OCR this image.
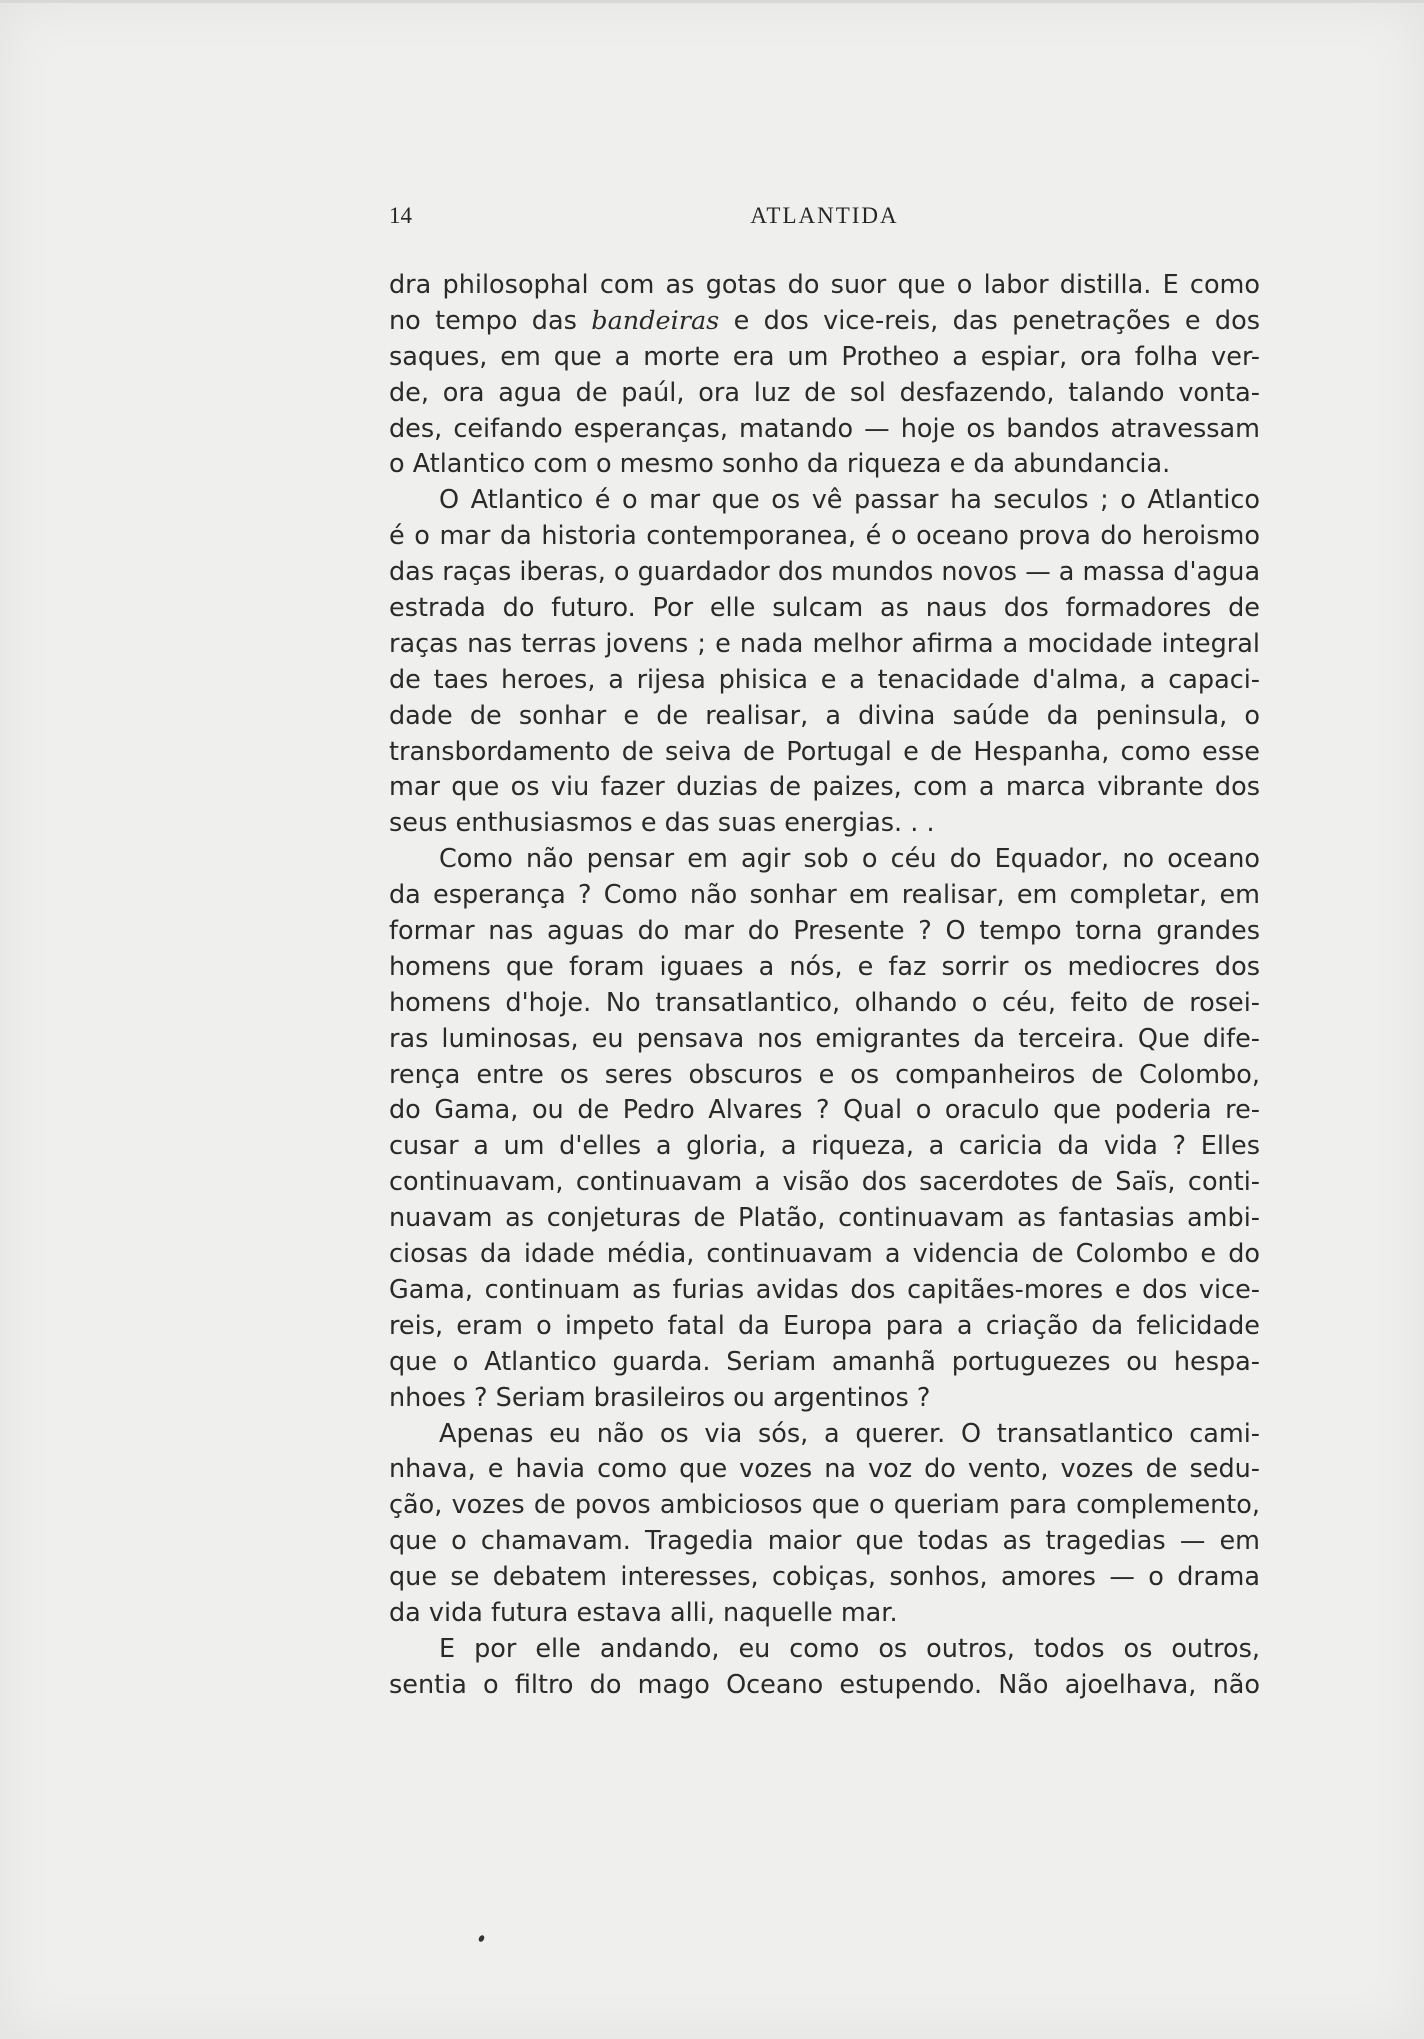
14	ATLANTIDA
dra philosophal com as gotas do suor que o labor distilla. E como
no tempo das bandeiras e dos vice-reis, das penetrações e dos
saques, em que a morte era um Protheo a espiar, ora folha ver-
de, ora agua de paúl, ora luz de sol desfazendo, talando vonta-
des, ceifando esperanças, matando — hoje os bandos atravessam
o Atlantico com o mesmo sonho da riqueza e da abundancia.
O Atlantico é o mar que os vê passar ha seculos ; o Atlantico
é o mar da historia contemporanea, é o oceano prova do heroismo
das raças iberas, o guardador dos mundos novos — a massa d'agua
estrada do futuro. Por elle sulcam as naus dos formadores de
raças nas terras jovens ; e nada melhor afirma a mocidade integral
de taes heroes, a rijesa phisica e a tenacidade d'alma, a capaci-
dade de sonhar e de realisar, a divina saúde da peninsula, o
transbordamento de seiva de Portugal e de Hespanha, como esse
mar que os viu fazer duzias de paizes, com a marca vibrante dos
seus enthusiasmos e das suas energias. . .
Como não pensar em agir sob o céu do Equador, no oceano
da esperança ? Como não sonhar em realisar, em completar, em
formar nas aguas do mar do Presente ? O tempo torna grandes
homens que foram iguaes a nós, e faz sorrir os mediocres dos
homens d'hoje. No transatlantico, olhando o céu, feito de rosei-
ras luminosas, eu pensava nos emigrantes da terceira. Que dife-
rença entre os seres obscuros e os companheiros de Colombo,
do Gama, ou de Pedro Alvares ? Qual o oraculo que poderia re-
cusar a um d'elles a gloria, a riqueza, a caricia da vida ? Elles
continuavam, continuavam a visão dos sacerdotes de Saïs, conti-
nuavam as conjeturas de Platão, continuavam as fantasias ambi-
ciosas da idade média, continuavam a videncia de Colombo e do
Gama, continuam as furias avidas dos capitães-mores e dos vice-
reis, eram o impeto fatal da Europa para a criação da felicidade
que o Atlantico guarda. Seriam amanhã portuguezes ou hespa-
nhoes ? Seriam brasileiros ou argentinos ?
Apenas eu não os via sós, a querer. O transatlantico cami-
nhava, e havia como que vozes na voz do vento, vozes de sedu-
ção, vozes de povos ambiciosos que o queriam para complemento,
que o chamavam. Tragedia maior que todas as tragedias — em
que se debatem interesses, cobiças, sonhos, amores — o drama
da vida futura estava alli, naquelle mar.
E por elle andando, eu como os outros, todos os outros,
sentia o filtro do mago Oceano estupendo. Não ajoelhava, não
